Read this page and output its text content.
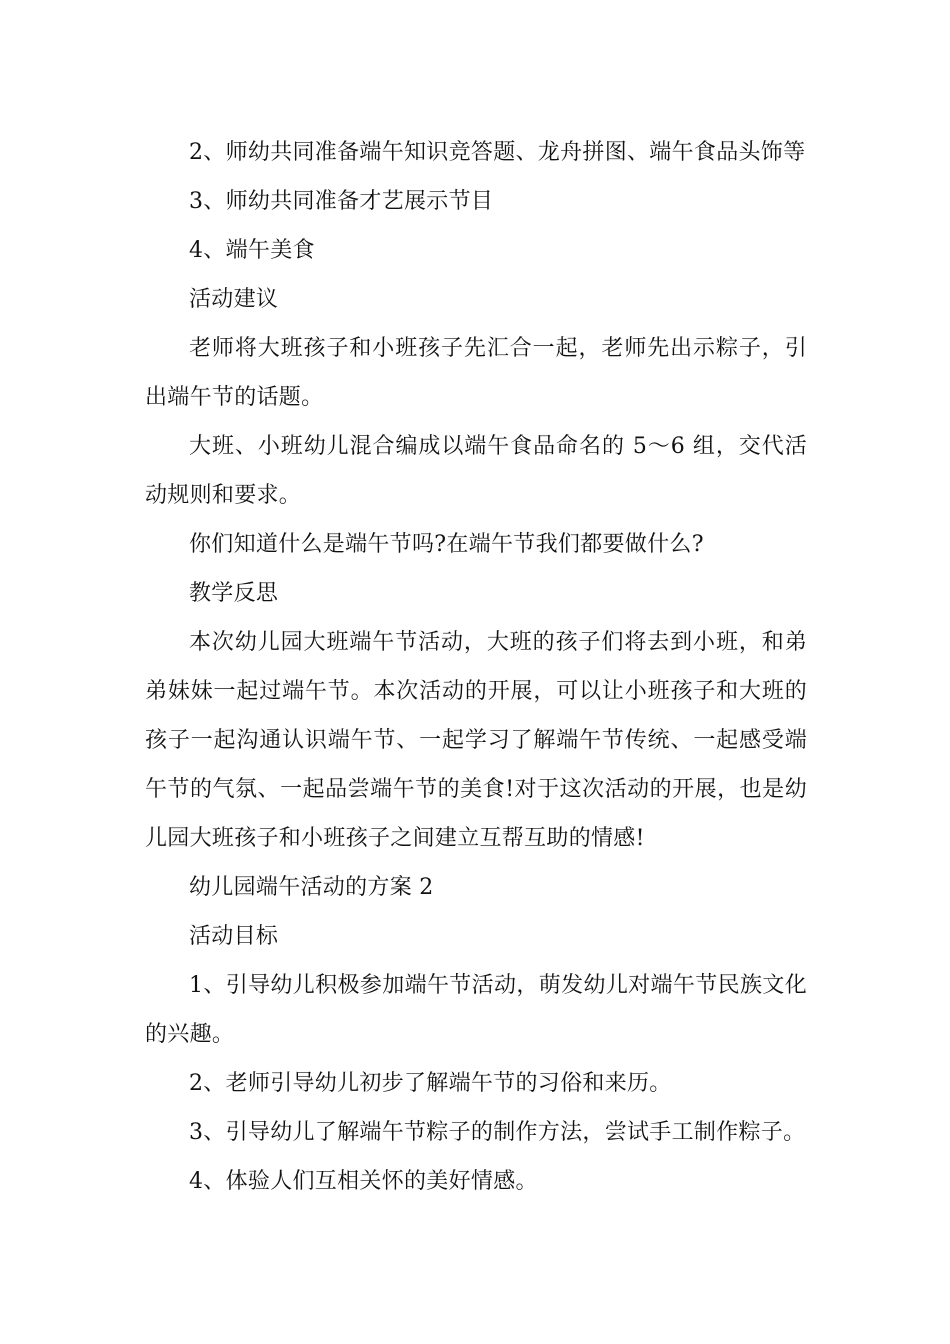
2、师幼共同准备端午知识竞答题、龙舟拼图、端午食品头饰等

3、师幼共同准备才艺展示节目

4、端午美食

活动建议

老师将大班孩子和小班孩子先汇合一起，老师先出示粽子，引出端午节的话题。

大班、小班幼儿混合编成以端午食品命名的 5～6 组，交代活动规则和要求。

你们知道什么是端午节吗?在端午节我们都要做什么?

教学反思

本次幼儿园大班端午节活动，大班的孩子们将去到小班，和弟弟妹妹一起过端午节。本次活动的开展，可以让小班孩子和大班的孩子一起沟通认识端午节、一起学习了解端午节传统、一起感受端午节的气氛、一起品尝端午节的美食!对于这次活动的开展，也是幼儿园大班孩子和小班孩子之间建立互帮互助的情感!

幼儿园端午活动的方案 2

活动目标

1、引导幼儿积极参加端午节活动，萌发幼儿对端午节民族文化的兴趣。

2、老师引导幼儿初步了解端午节的习俗和来历。

3、引导幼儿了解端午节粽子的制作方法，尝试手工制作粽子。

4、体验人们互相关怀的美好情感。
